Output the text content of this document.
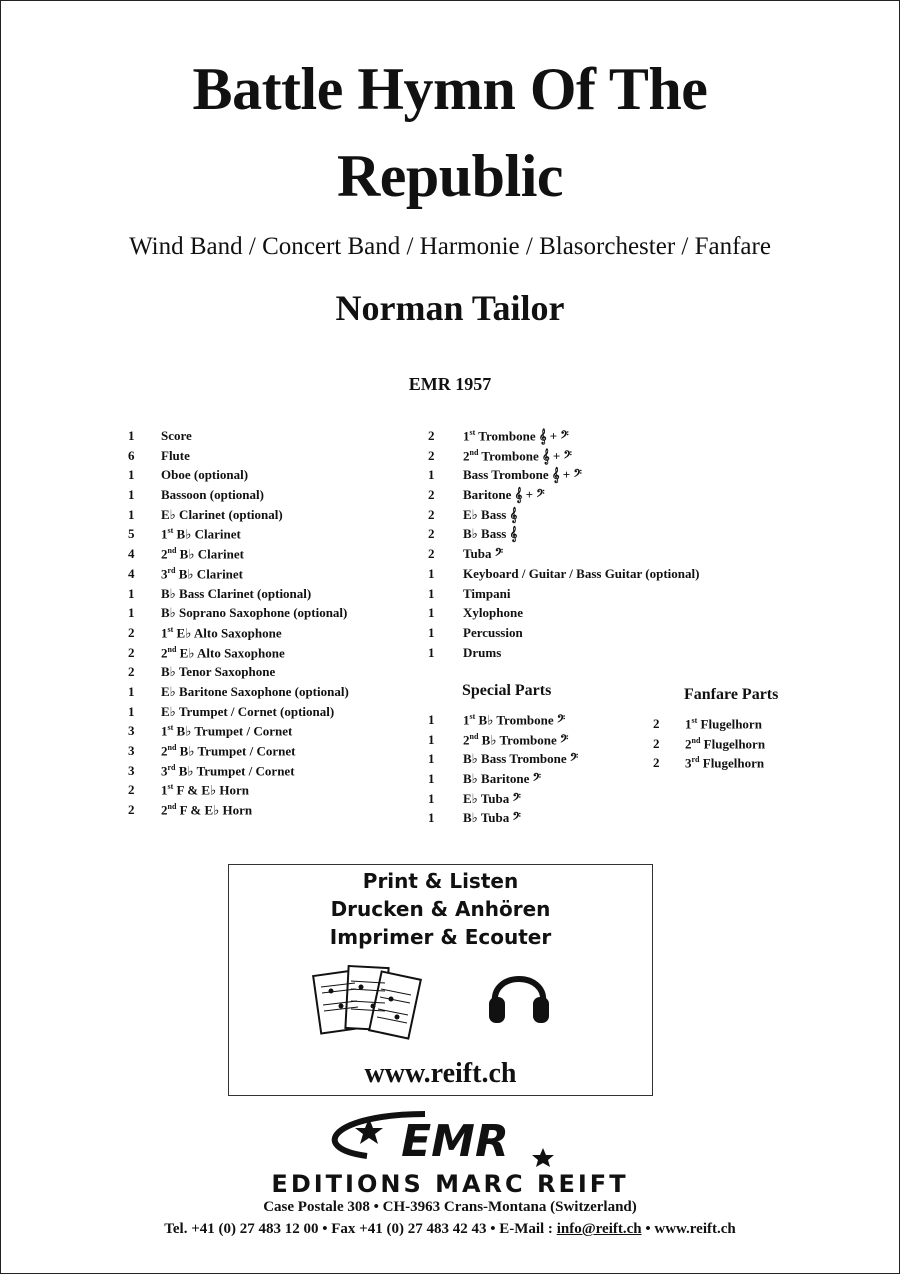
Battle Hymn Of The
Republic
Wind Band / Concert Band / Harmonie / Blasorchester / Fanfare
Norman Tailor
EMR 1957
1 Score
6 Flute
1 Oboe (optional)
1 Bassoon (optional)
1 E♭ Clarinet (optional)
5 1st B♭ Clarinet
4 2nd B♭ Clarinet
4 3rd B♭ Clarinet
1 B♭ Bass Clarinet (optional)
1 B♭ Soprano Saxophone (optional)
2 1st E♭ Alto Saxophone
2 2nd E♭ Alto Saxophone
2 B♭ Tenor Saxophone
1 E♭ Baritone Saxophone (optional)
1 E♭ Trumpet / Cornet (optional)
3 1st B♭ Trumpet / Cornet
3 2nd B♭ Trumpet / Cornet
3 3rd B♭ Trumpet / Cornet
2 1st F & E♭ Horn
2 2nd F & E♭ Horn
2 1st Trombone 𝄞 + 𝄢
2 2nd Trombone 𝄞 + 𝄢
1 Bass Trombone 𝄞 + 𝄢
2 Baritone 𝄞 + 𝄢
2 E♭ Bass 𝄞
2 B♭ Bass 𝄞
2 Tuba 𝄢
1 Keyboard / Guitar / Bass Guitar (optional)
1 Timpani
1 Xylophone
1 Percussion
1 Drums
Special Parts
1 1st B♭ Trombone 𝄢
1 2nd B♭ Trombone 𝄢
1 B♭ Bass Trombone 𝄢
1 B♭ Baritone 𝄢
1 E♭ Tuba 𝄢
1 B♭ Tuba 𝄢
Fanfare Parts
2 1st Flugelhorn
2 2nd Flugelhorn
2 3rd Flugelhorn
Print & Listen
Drucken & Anhören
Imprimer & Ecouter
www.reift.ch
EMR
EDITIONS MARC REIFT
Case Postale 308 • CH-3963 Crans-Montana (Switzerland)
Tel. +41 (0) 27 483 12 00 • Fax +41 (0) 27 483 42 43 • E-Mail : info@reift.ch • www.reift.ch
